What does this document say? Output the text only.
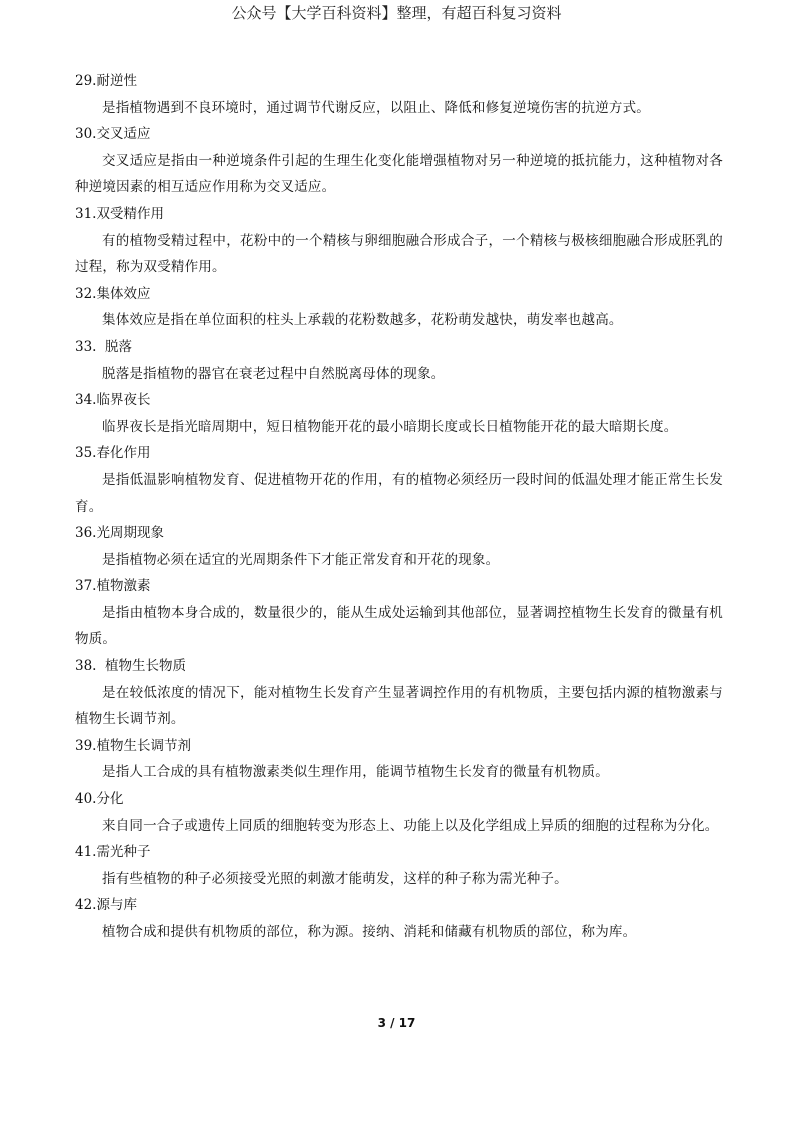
公众号【大学百科资料】整理，有超百科复习资料
29.耐逆性
是指植物遇到不良环境时，通过调节代谢反应，以阻止、降低和修复逆境伤害的抗逆方式。
30.交叉适应
交叉适应是指由一种逆境条件引起的生理生化变化能增强植物对另一种逆境的抵抗能力，这种植物对各种逆境因素的相互适应作用称为交叉适应。
31.双受精作用
有的植物受精过程中，花粉中的一个精核与卵细胞融合形成合子，一个精核与极核细胞融合形成胚乳的过程，称为双受精作用。
32.集体效应
集体效应是指在单位面积的柱头上承载的花粉数越多，花粉萌发越快，萌发率也越高。
33.  脱落
脱落是指植物的器官在衰老过程中自然脱离母体的现象。
34.临界夜长
临界夜长是指光暗周期中，短日植物能开花的最小暗期长度或长日植物能开花的最大暗期长度。
35.春化作用
是指低温影响植物发育、促进植物开花的作用，有的植物必须经历一段时间的低温处理才能正常生长发育。
36.光周期现象
是指植物必须在适宜的光周期条件下才能正常发育和开花的现象。
37.植物激素
是指由植物本身合成的，数量很少的，能从生成处运输到其他部位，显著调控植物生长发育的微量有机物质。
38.  植物生长物质
是在较低浓度的情况下，能对植物生长发育产生显著调控作用的有机物质，主要包括内源的植物激素与植物生长调节剂。
39.植物生长调节剂
是指人工合成的具有植物激素类似生理作用，能调节植物生长发育的微量有机物质。
40.分化
来自同一合子或遗传上同质的细胞转变为形态上、功能上以及化学组成上异质的细胞的过程称为分化。
41.需光种子
指有些植物的种子必须接受光照的刺激才能萌发，这样的种子称为需光种子。
42.源与库
植物合成和提供有机物质的部位，称为源。接纳、消耗和储藏有机物质的部位，称为库。
3 / 17
